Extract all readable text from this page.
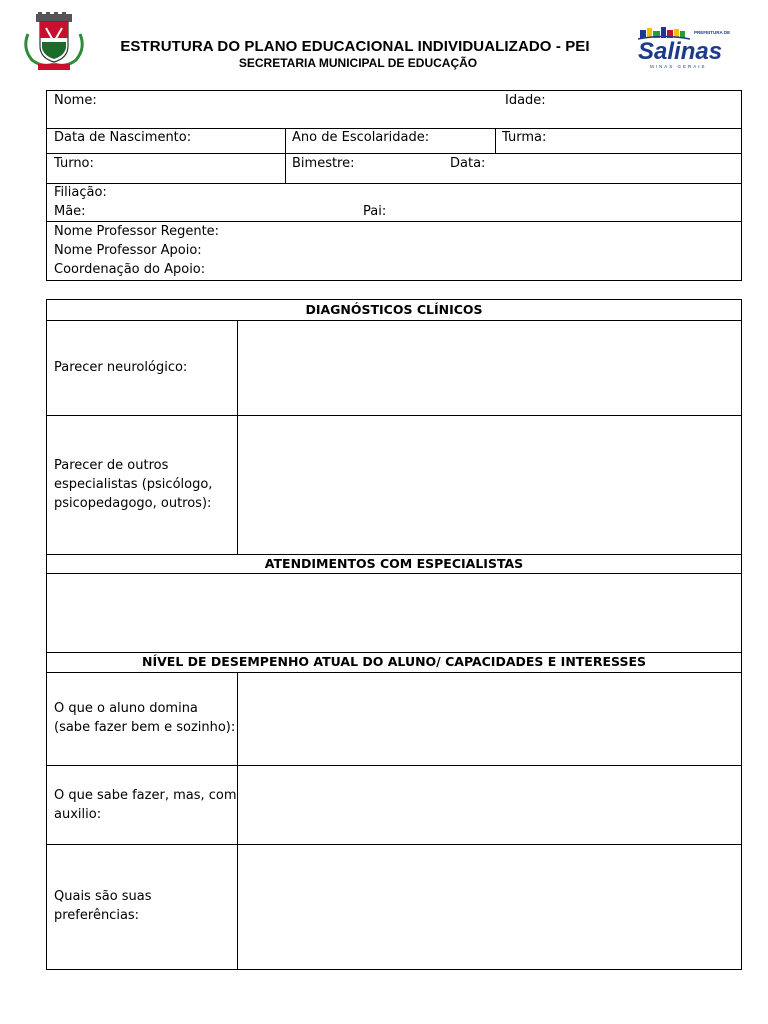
PREFEITURA DE
Salinas
MINAS GERAIS
ESTRUTURA DO PLANO EDUCACIONAL INDIVIDUALIZADO - PEI
SECRETARIA MUNICIPAL DE EDUCAÇÃO
Nome:	Idade:
Data de Nascimento:	Ano de Escolaridade:	Turma:
Turno:	Bimestre:	Data:
Filiação:
Mãe:	Pai:
Nome Professor Regente:
Nome Professor Apoio:
Coordenação do Apoio:
DIAGNÓSTICOS CLÍNICOS
Parecer neurológico:
Parecer de outros
especialistas (psicólogo,
psicopedagogo, outros):
ATENDIMENTOS COM ESPECIALISTAS
NÍVEL DE DESEMPENHO ATUAL DO ALUNO/ CAPACIDADES E INTERESSES
O que o aluno domina
(sabe fazer bem e sozinho):
O que sabe fazer, mas, com
auxilio:
Quais são suas
preferências:
